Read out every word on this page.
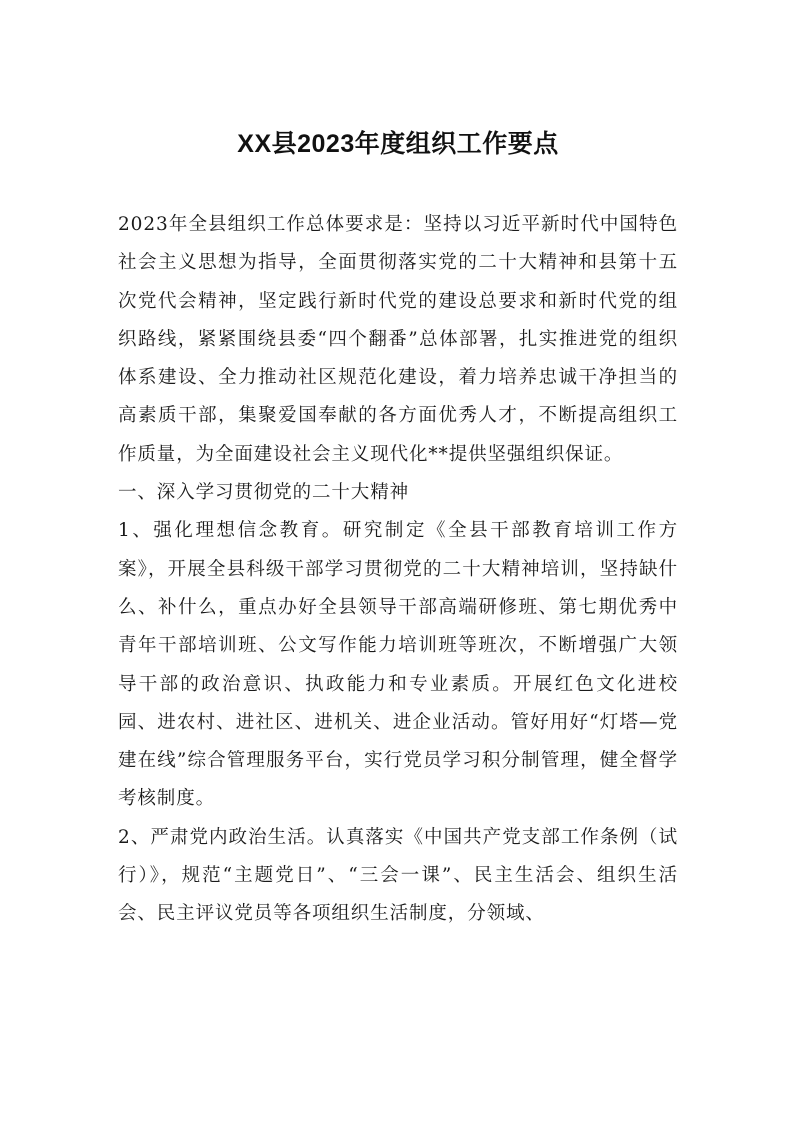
XX县2023年度组织工作要点

2023年全县组织工作总体要求是：坚持以习近平新时代中国特色社会主义思想为指导，全面贯彻落实党的二十大精神和县第十五次党代会精神，坚定践行新时代党的建设总要求和新时代党的组织路线，紧紧围绕县委“四个翻番”总体部署，扎实推进党的组织体系建设、全力推动社区规范化建设，着力培养忠诚干净担当的高素质干部，集聚爱国奉献的各方面优秀人才，不断提高组织工作质量，为全面建设社会主义现代化**提供坚强组织保证。

一、深入学习贯彻党的二十大精神

1、强化理想信念教育。研究制定《全县干部教育培训工作方案》，开展全县科级干部学习贯彻党的二十大精神培训，坚持缺什么、补什么，重点办好全县领导干部高端研修班、第七期优秀中青年干部培训班、公文写作能力培训班等班次，不断增强广大领导干部的政治意识、执政能力和专业素质。开展红色文化进校园、进农村、进社区、进机关、进企业活动。管好用好“灯塔—党建在线”综合管理服务平台，实行党员学习积分制管理，健全督学考核制度。

2、严肃党内政治生活。认真落实《中国共产党支部工作条例（试行）》，规范“主题党日”、“三会一课”、民主生活会、组织生活会、民主评议党员等各项组织生活制度，分领域、
